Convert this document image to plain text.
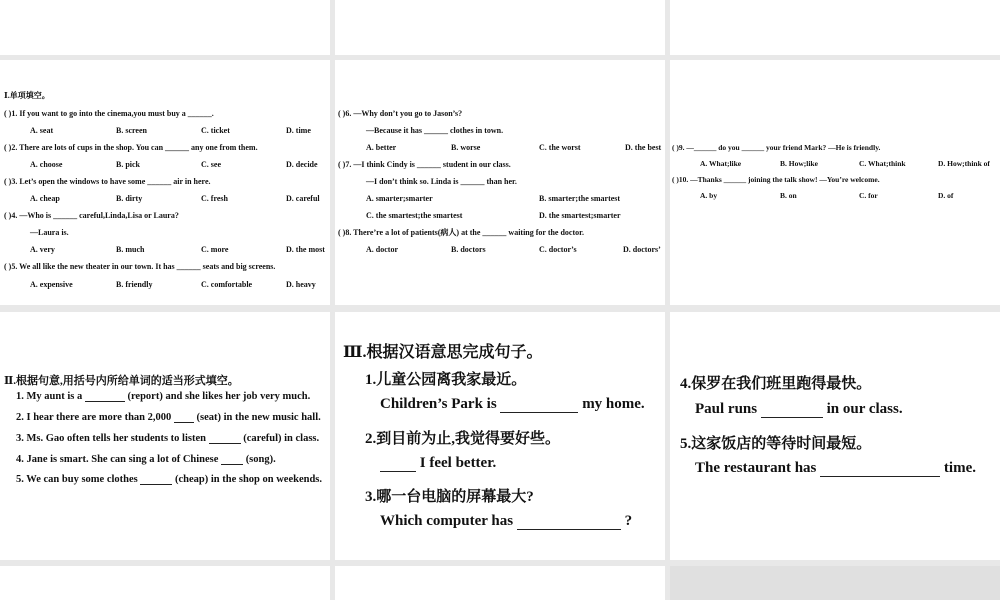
Ⅰ.单项填空。
( )1. If you want to go into the cinema,you must buy a ______.
A. seat	B. screen	C. ticket	D. time
( )2. There are lots of cups in the shop. You can ______ any one from them.
A. choose	B. pick	C. see	D. decide
( )3. Let’s open the windows to have some ______ air in here.
A. cheap	B. dirty	C. fresh	D. careful
( )4. —Who is ______ careful,Linda,Lisa or Laura?
—Laura is.
A. very	B. much	C. more	D. the most
( )5. We all like the new theater in our town. It has ______ seats and big screens.
A. expensive	B. friendly	C. comfortable	D. heavy
( )6. —Why don’t you go to Jason’s?
—Because it has ______ clothes in town.
A. better	B. worse	C. the worst	D. the best
( )7. —I think Cindy is ______ student in our class.
—I don’t think so. Linda is ______ than her.
A. smarter;smarter	B. smarter;the smartest
C. the smartest;the smartest	D. the smartest;smarter
( )8. There’re a lot of patients(病人) at the ______ waiting for the doctor.
A. doctor	B. doctors	C. doctor’s	D. doctors’
( )9. —______ do you ______ your friend Mark? —He is friendly.
A. What;like	B. How;like	C. What;think	D. How;think of
( )10. —Thanks ______ joining the talk show! —You’re welcome.
A. by	B. on	C. for	D. of
Ⅱ.根据句意,用括号内所给单词的适当形式填空。
1. My aunt is a	(report) and she likes her job very much.
2. I hear there are more than 2,000 (seat) in the new music hall.
3. Ms. Gao often tells her students to listen	(careful) in class.
4. Jane is smart. She can sing a lot of Chinese	(song).
5. We can buy some clothes	(cheap) in the shop on weekends.
Ⅲ.根据汉语意思完成句子。
1.儿童公园离我家最近。
Children’s Park is	my home.
2.到目前为止,我觉得要好些。
I feel better.
3.哪一台电脑的屏幕最大?
Which computer has	?
4.保罗在我们班里跑得最快。
Paul runs	in our class.
5.这家饭店的等待时间最短。
The restaurant has	time.
